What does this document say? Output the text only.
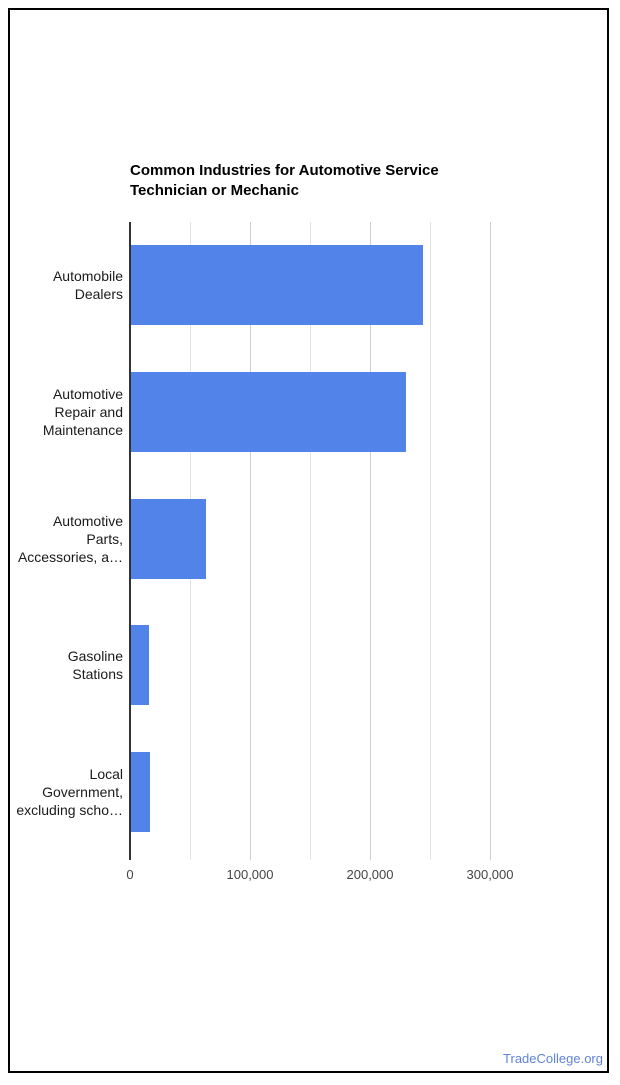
Common Industries for Automotive Service
Technician or Mechanic
Automobile
Dealers
Automotive
Repair and
Maintenance
Automotive
Parts,
Accessories, a…
Gasoline
Stations
Local
Government,
excluding scho…
0	100,000	200,000	300,000
TradeCollege.org
